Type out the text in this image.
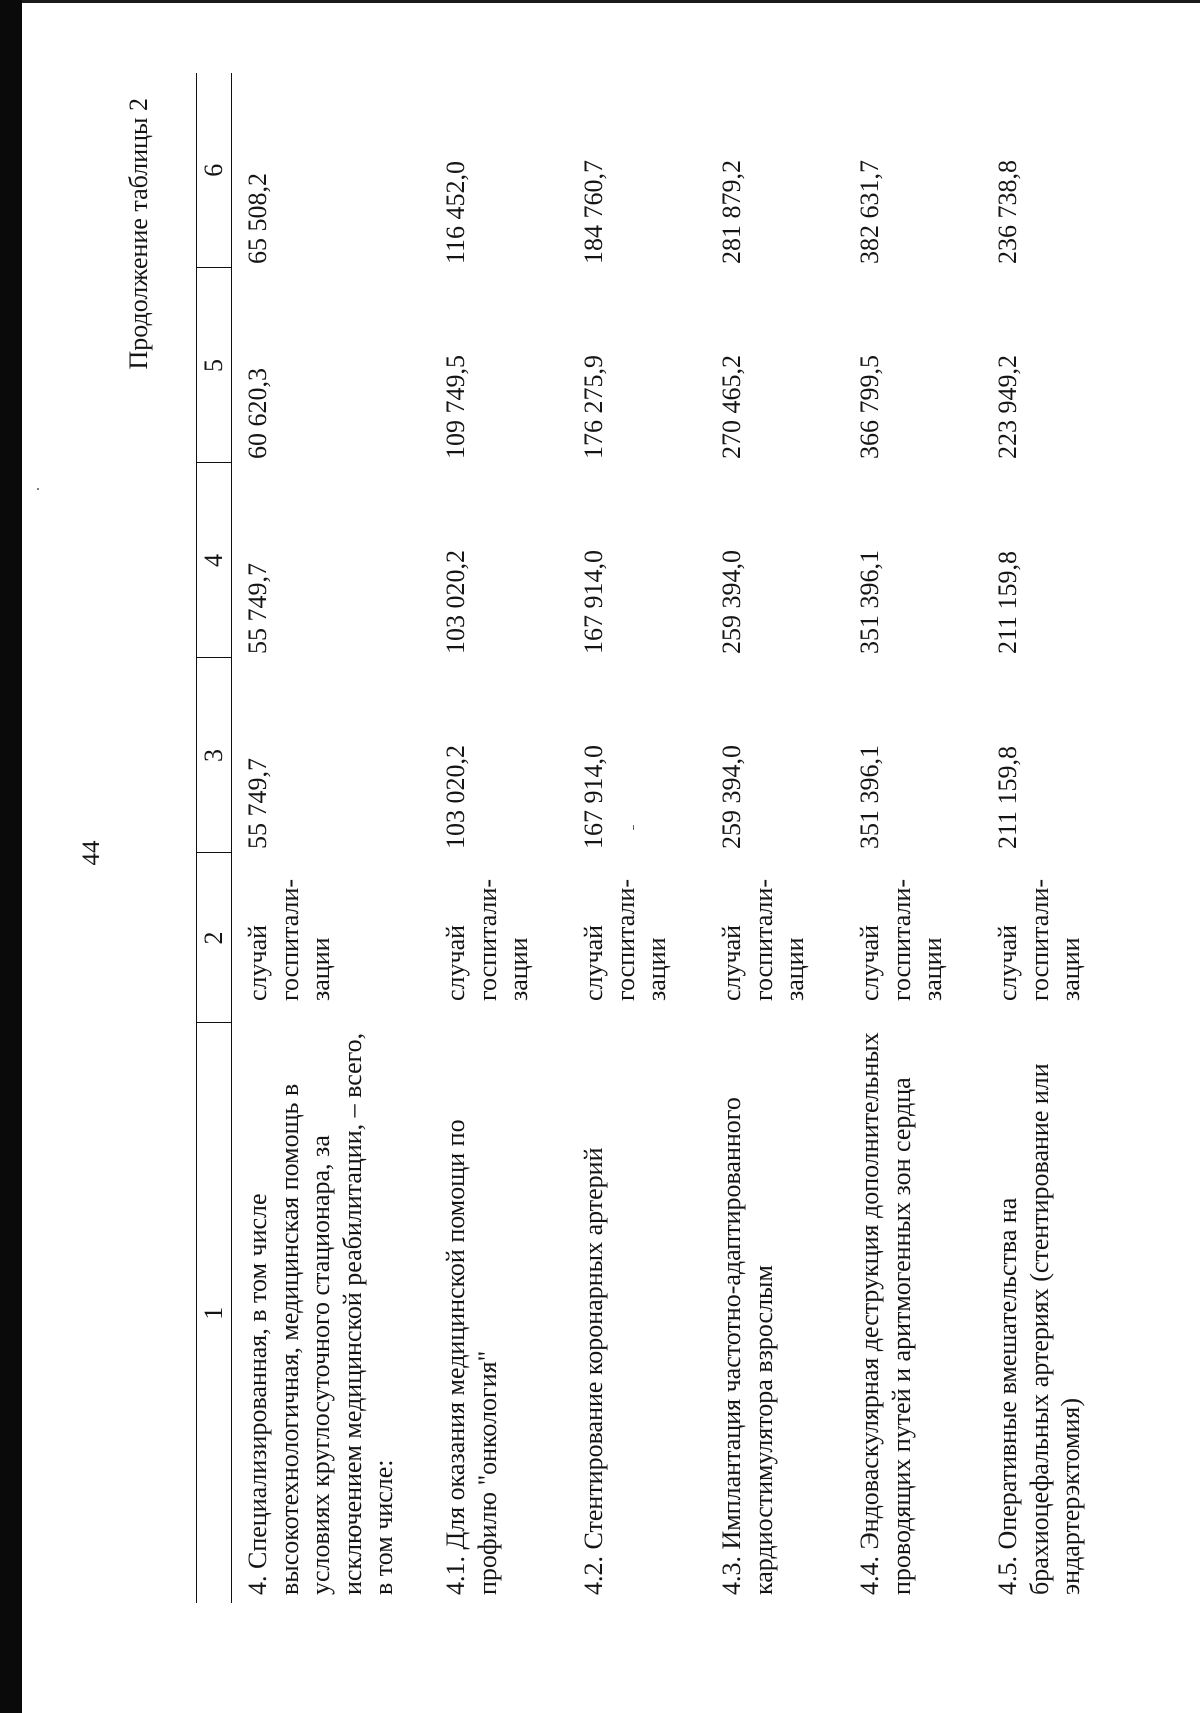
44
Продолжение таблицы 2
1	2	3	4	5	6
4. Специализированная, в том числе высокотехнологичная, медицинская помощь в условиях круглосуточного стационара, за исключением медицинской реабилитации, – всего, в том числе:	случай госпитали-зации	55 749,7	55 749,7	60 620,3	65 508,2
4.1. Для оказания медицинской помощи по профилю "онкология"	случай госпитали-зации	103 020,2	103 020,2	109 749,5	116 452,0
4.2. Стентирование коронарных артерий	случай госпитали-зации	167 914,0	167 914,0	176 275,9	184 760,7
4.3. Имплантация частотно-адаптированного кардиостимулятора взрослым	случай госпитали-зации	259 394,0	259 394,0	270 465,2	281 879,2
4.4. Эндоваскулярная деструкция дополнительных проводящих путей и аритмогенных зон сердца	случай госпитали-зации	351 396,1	351 396,1	366 799,5	382 631,7
4.5. Оперативные вмешательства на брахиоцефальных артериях (стентирование или эндартерэктомия)	случай госпитали-зации	211 159,8	211 159,8	223 949,2	236 738,8
